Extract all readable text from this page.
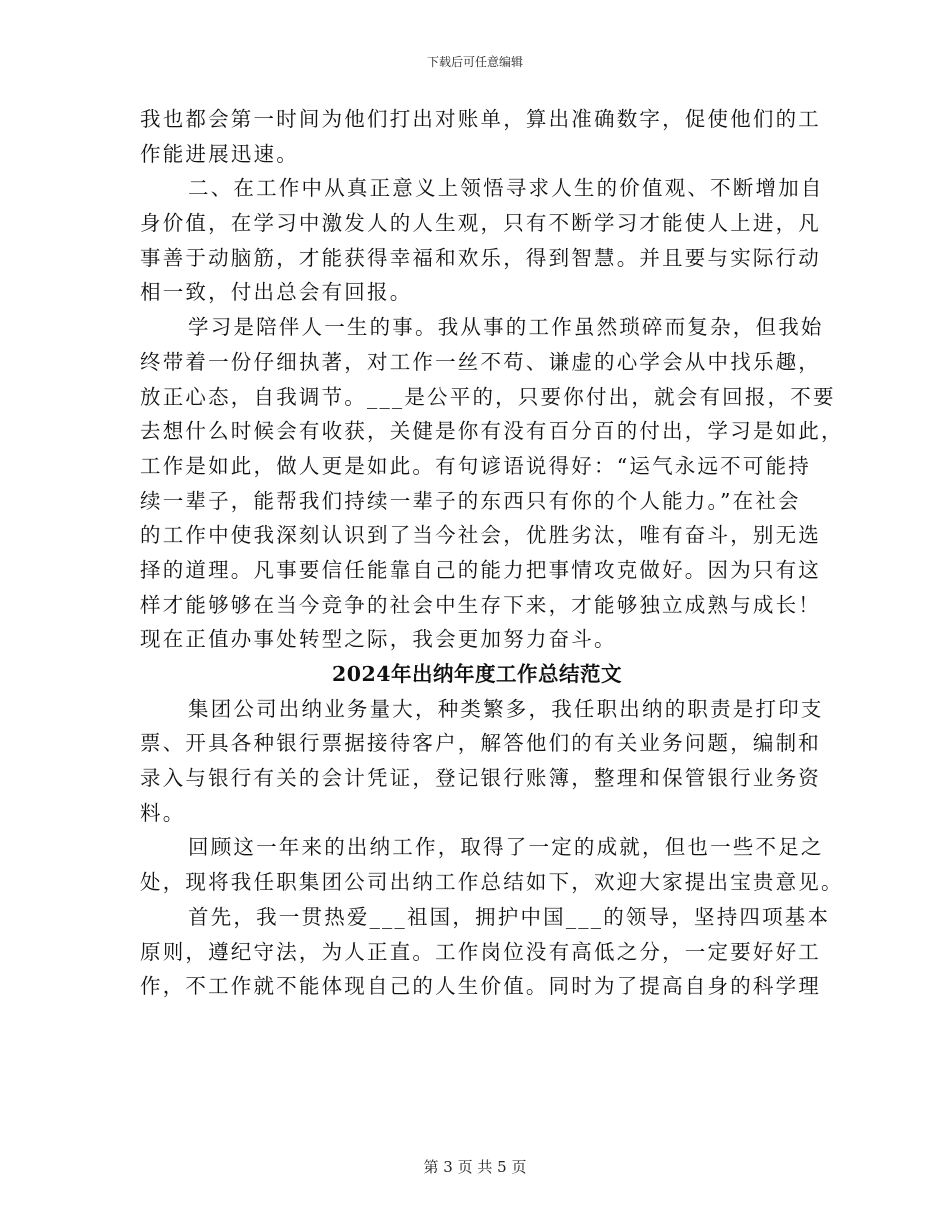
下载后可任意编辑
我也都会第一时间为他们打出对账单，算出准确数字，促使他们的工
作能进展迅速。
二、在工作中从真正意义上领悟寻求人生的价值观、不断增加自
身价值，在学习中激发人的人生观，只有不断学习才能使人上进，凡
事善于动脑筋，才能获得幸福和欢乐，得到智慧。并且要与实际行动
相一致，付出总会有回报。
学习是陪伴人一生的事。我从事的工作虽然琐碎而复杂，但我始
终带着一份仔细执著，对工作一丝不苟、谦虚的心学会从中找乐趣，
放正心态，自我调节。___是公平的，只要你付出，就会有回报，不要
去想什么时候会有收获，关健是你有没有百分百的付出，学习是如此，
工作是如此，做人更是如此。有句谚语说得好：“运气永远不可能持
续一辈子，能帮我们持续一辈子的东西只有你的个人能力。”在社会
的工作中使我深刻认识到了当今社会，优胜劣汰，唯有奋斗，别无选
择的道理。凡事要信任能靠自己的能力把事情攻克做好。因为只有这
样才能够够在当今竞争的社会中生存下来，才能够独立成熟与成长！
现在正值办事处转型之际，我会更加努力奋斗。
2024年出纳年度工作总结范文
集团公司出纳业务量大，种类繁多，我任职出纳的职责是打印支
票、开具各种银行票据接待客户，解答他们的有关业务问题，编制和
录入与银行有关的会计凭证，登记银行账簿，整理和保管银行业务资
料。
回顾这一年来的出纳工作，取得了一定的成就，但也一些不足之
处，现将我任职集团公司出纳工作总结如下，欢迎大家提出宝贵意见。
首先，我一贯热爱___祖国，拥护中国___的领导，坚持四项基本
原则，遵纪守法，为人正直。工作岗位没有高低之分，一定要好好工
作，不工作就不能体现自己的人生价值。同时为了提高自身的科学理
第 3 页 共 5 页
